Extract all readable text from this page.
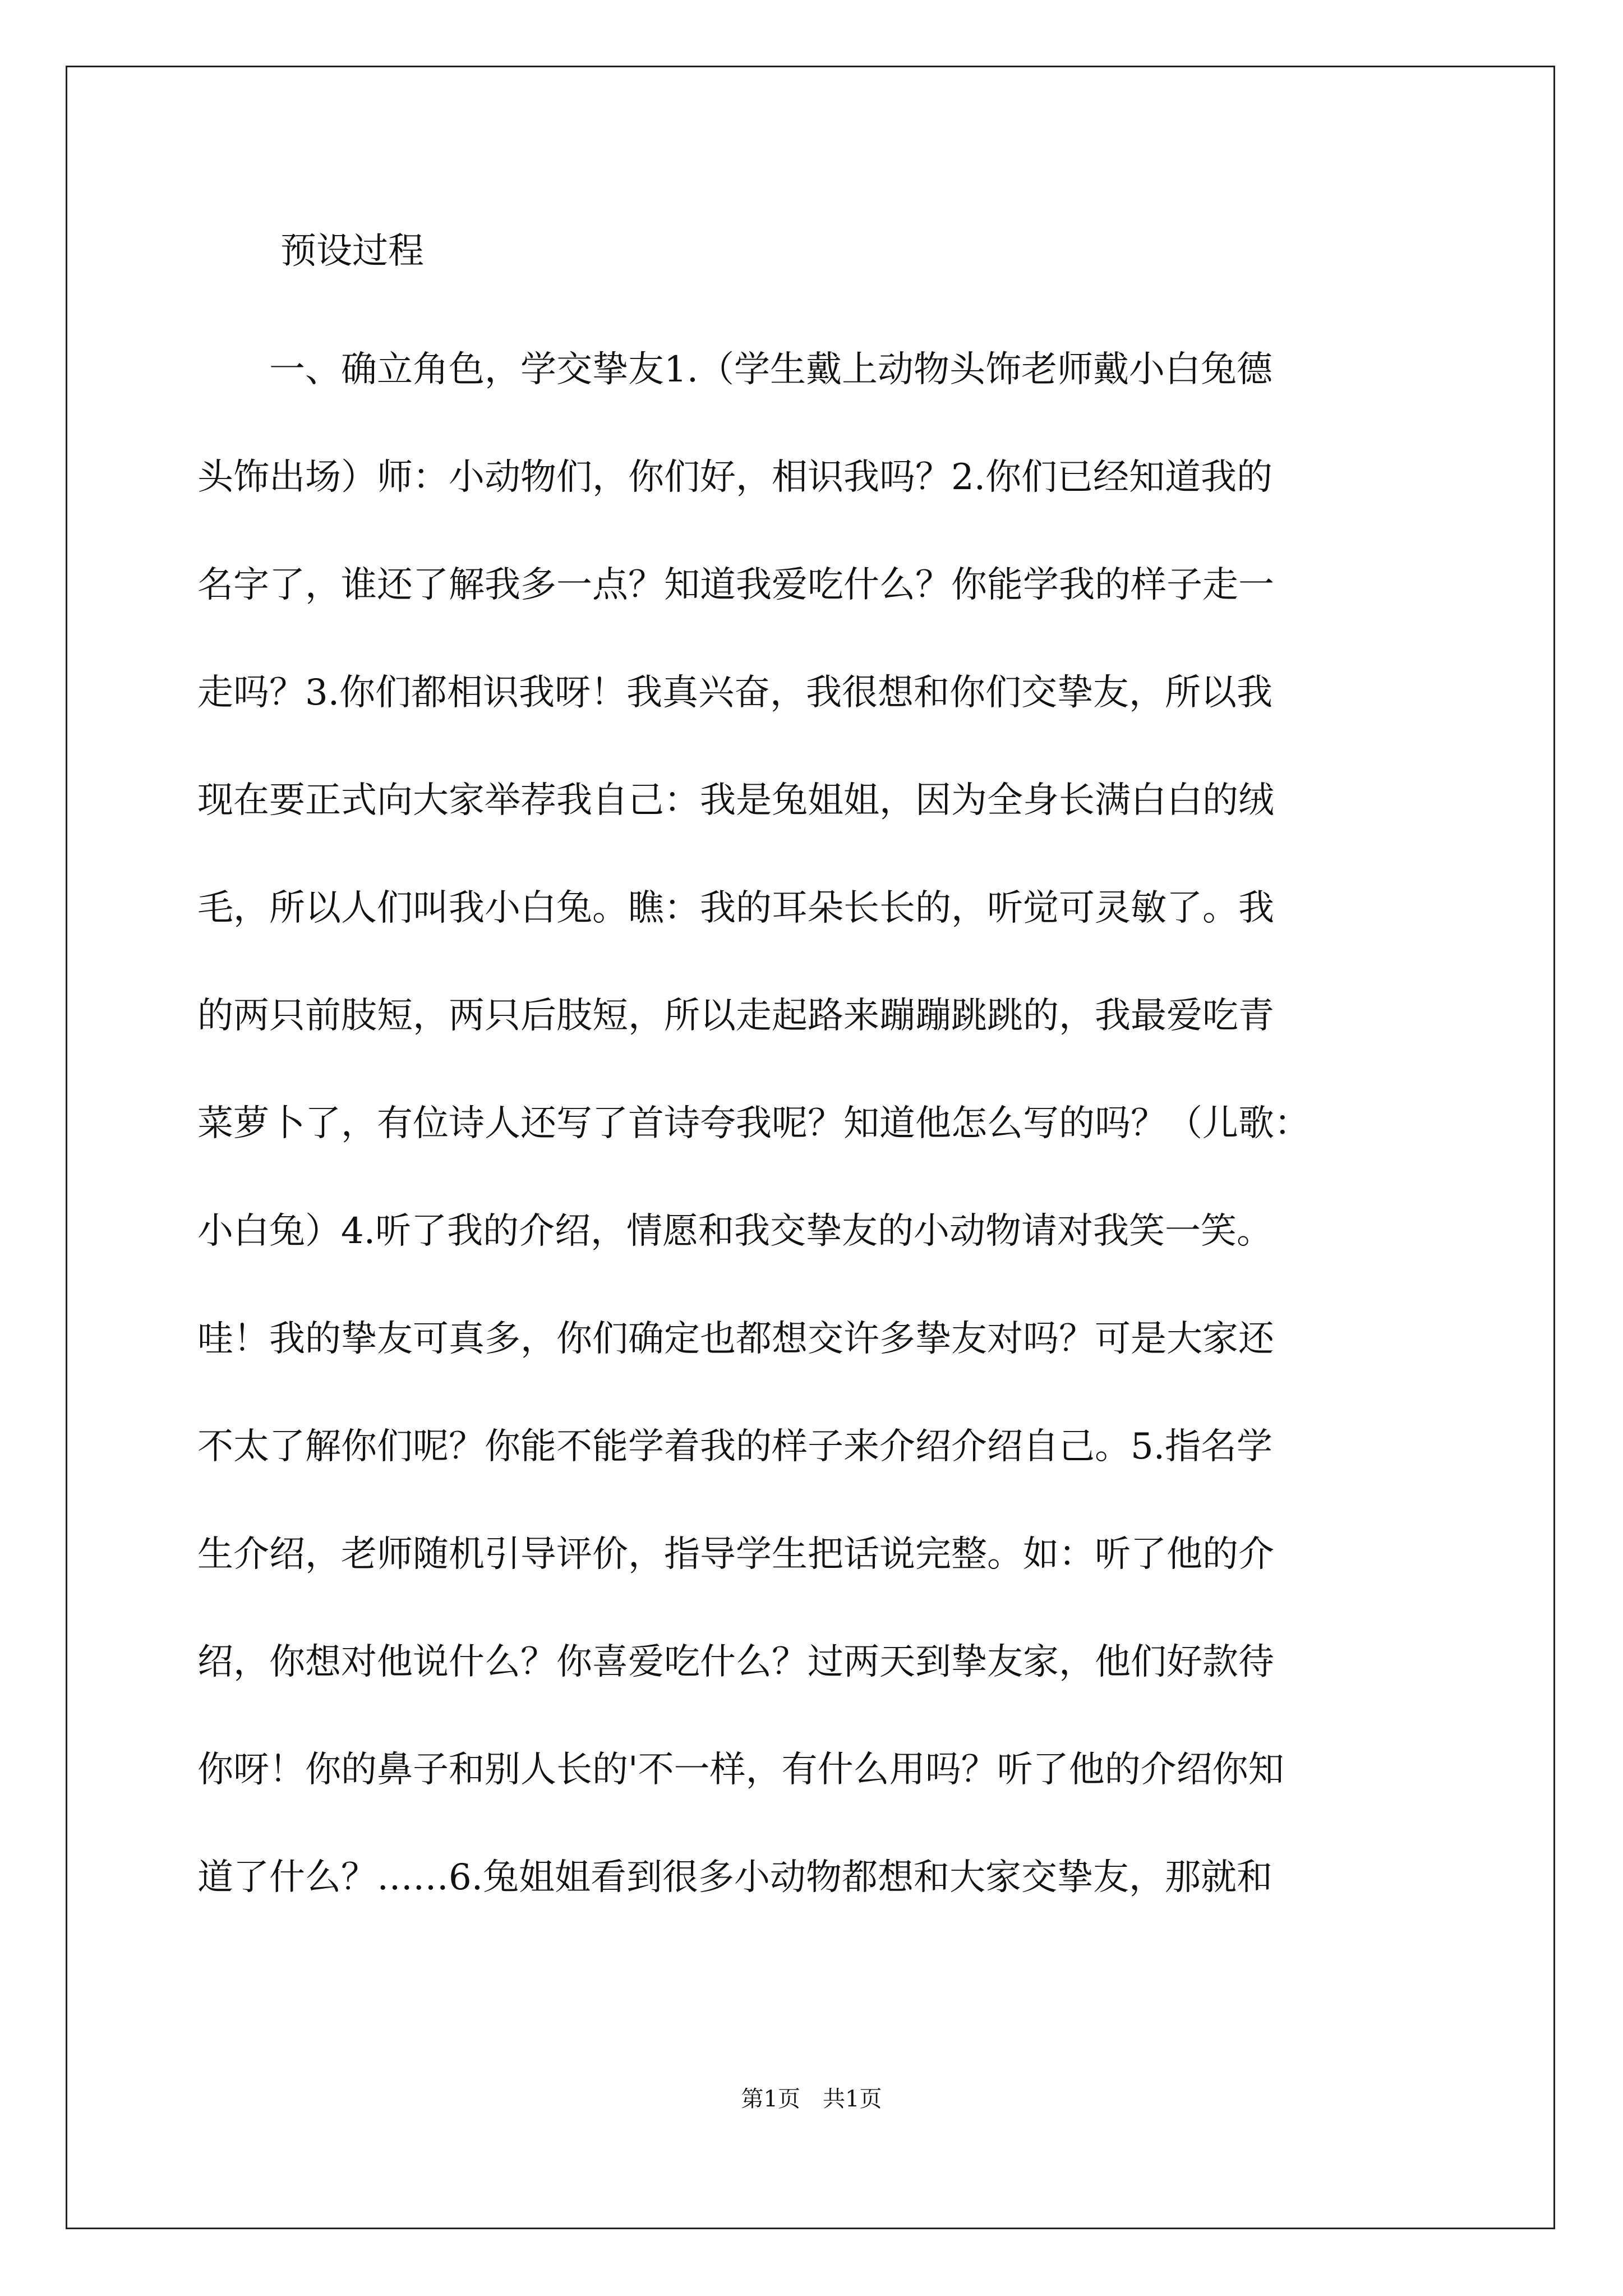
预设过程
　　一、确立角色，学交挚友1.（学生戴上动物头饰老师戴小白兔德
头饰出场）师：小动物们，你们好，相识我吗？2.你们已经知道我的
名字了，谁还了解我多一点？知道我爱吃什么？你能学我的样子走一
走吗？3.你们都相识我呀！我真兴奋，我很想和你们交挚友，所以我
现在要正式向大家举荐我自己：我是兔姐姐，因为全身长满白白的绒
毛，所以人们叫我小白兔。瞧：我的耳朵长长的，听觉可灵敏了。我
的两只前肢短，两只后肢短，所以走起路来蹦蹦跳跳的，我最爱吃青
菜萝卜了，有位诗人还写了首诗夸我呢？知道他怎么写的吗？（儿歌：
小白兔）4.听了我的介绍，情愿和我交挚友的小动物请对我笑一笑。
哇！我的挚友可真多，你们确定也都想交许多挚友对吗？可是大家还
不太了解你们呢？你能不能学着我的样子来介绍介绍自己。5.指名学
生介绍，老师随机引导评价，指导学生把话说完整。如：听了他的介
绍，你想对他说什么？你喜爱吃什么？过两天到挚友家，他们好款待
你呀！你的鼻子和别人长的'不一样，有什么用吗？听了他的介绍你知
道了什么？……6.兔姐姐看到很多小动物都想和大家交挚友，那就和
第1页　共1页
